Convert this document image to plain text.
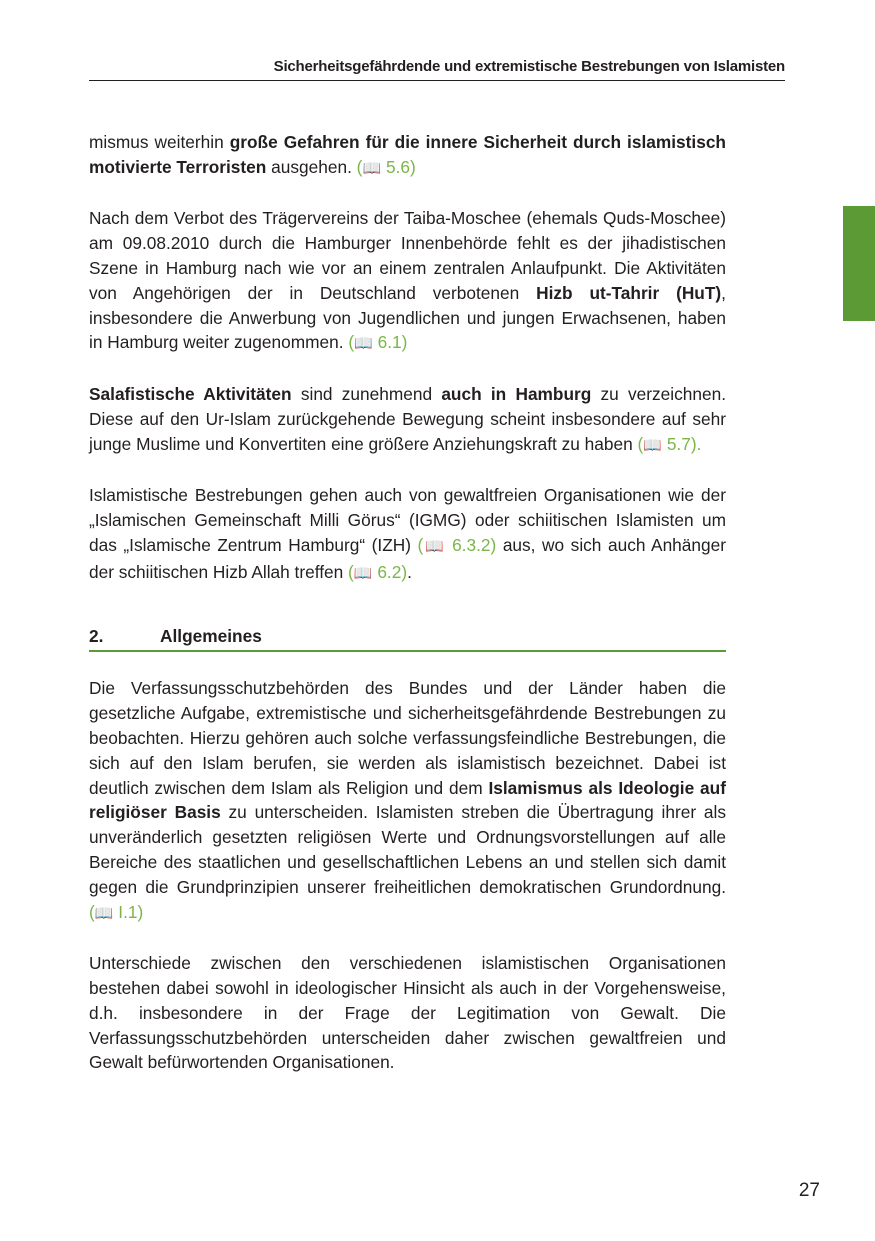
Sicherheitsgefährdende und extremistische Bestrebungen von Islamisten

mismus weiterhin große Gefahren für die innere Sicherheit durch islamistisch motivierte Terroristen ausgehen. (📖 5.6)

Nach dem Verbot des Trägervereins der Taiba-Moschee (ehemals Quds-Moschee) am 09.08.2010 durch die Hamburger Innenbehörde fehlt es der jihadistischen Szene in Hamburg nach wie vor an einem zentralen Anlaufpunkt. Die Aktivitäten von Angehörigen der in Deutschland verbotenen Hizb ut-Tahrir (HuT), insbesondere die Anwerbung von Jugendlichen und jungen Erwachsenen, haben in Hamburg weiter zugenommen. (📖 6.1)

Salafistische Aktivitäten sind zunehmend auch in Hamburg zu verzeichnen. Diese auf den Ur-Islam zurückgehende Bewegung scheint insbesondere auf sehr junge Muslime und Konvertiten eine größere Anziehungskraft zu haben (📖 5.7).

Islamistische Bestrebungen gehen auch von gewaltfreien Organisationen wie der „Islamischen Gemeinschaft Milli Görus“ (IGMG) oder schiitischen Islamisten um das „Islamische Zentrum Hamburg“ (IZH) (📖 6.3.2) aus, wo sich auch Anhänger der schiitischen Hizb Allah treffen (📖 6.2).

2.	Allgemeines

Die Verfassungsschutzbehörden des Bundes und der Länder haben die gesetzliche Aufgabe, extremistische und sicherheitsgefährdende Bestrebungen zu beobachten. Hierzu gehören auch solche verfassungsfeindliche Bestrebungen, die sich auf den Islam berufen, sie werden als islamistisch bezeichnet. Dabei ist deutlich zwischen dem Islam als Religion und dem Islamismus als Ideologie auf religiöser Basis zu unterscheiden. Islamisten streben die Übertragung ihrer als unveränderlich gesetzten religiösen Werte und Ordnungsvorstellungen auf alle Bereiche des staatlichen und gesellschaftlichen Lebens an und stellen sich damit gegen die Grundprinzipien unserer freiheitlichen demokratischen Grundordnung. (📖 I.1)

Unterschiede zwischen den verschiedenen islamistischen Organisationen bestehen dabei sowohl in ideologischer Hinsicht als auch in der Vorgehensweise, d.h. insbesondere in der Frage der Legitimation von Gewalt. Die Verfassungsschutzbehörden unterscheiden daher zwischen gewaltfreien und Gewalt befürwortenden Organisationen.

27
